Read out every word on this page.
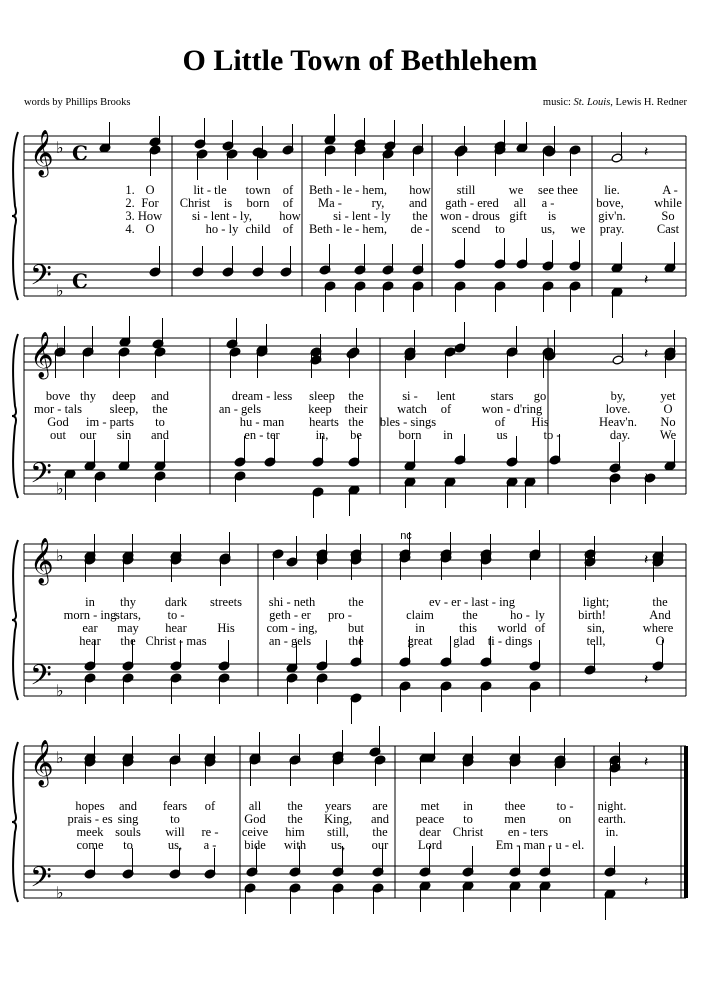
O Little Town of Bethlehem
words by Phillips Brooks	music: St. Louis, Lewis H. Redner
𝄞
𝄢
♭
♭
C
C
𝄞
𝄢 ♭
𝄞
𝄢
♭
♭
𝄞
𝄢
♭
♭
𝄽
𝄽
𝄽
𝄽
𝄽
𝄽
𝄽
𝄽
1. O	lit - tle town of Beth - le - hem, how still	we see thee lie.	A -
2. For Christ is born of Ma - ry, and gath - ered all a -	bove, while
3. How si - lent - ly, how	si - lent - ly the won - drous gift is	giv'n.	So
4. O	ho - ly child of Beth - le - hem, de - scend to	us, we pray.	Cast
bove thy deep and	dream - less sleep the	si - lent	stars go	by,	yet
mor - tals sleep, the	an - gels	keep their watch of won - d'ring	love.	O
God im - parts to	hu - man hearts the bles - sings	of His	Heav'n. No
out our sin and	en - ter	in, be	born in	us	to -	day. We
in thy dark streets shi - neth	the	ev - er - last - ing	light;	the
morn - ing
stars, to -	geth - er pro -	claim the	ho - ly	birth!	And
ear may hear His	com - ing, but	in	this world of	sin,	where
hear the Christ - mas	an - gels	the	great glad ti - dings	tell,	O
hopes and fears of	all the years are	met in	thee to - night.
prais - es sing	to	God the King, and peace to	men	on earth.
meek souls will re - ceive him still, the	dear Christ en - ters	in.
come to	us, a - bide with us, our Lord	Em - man - u - el.
nc
